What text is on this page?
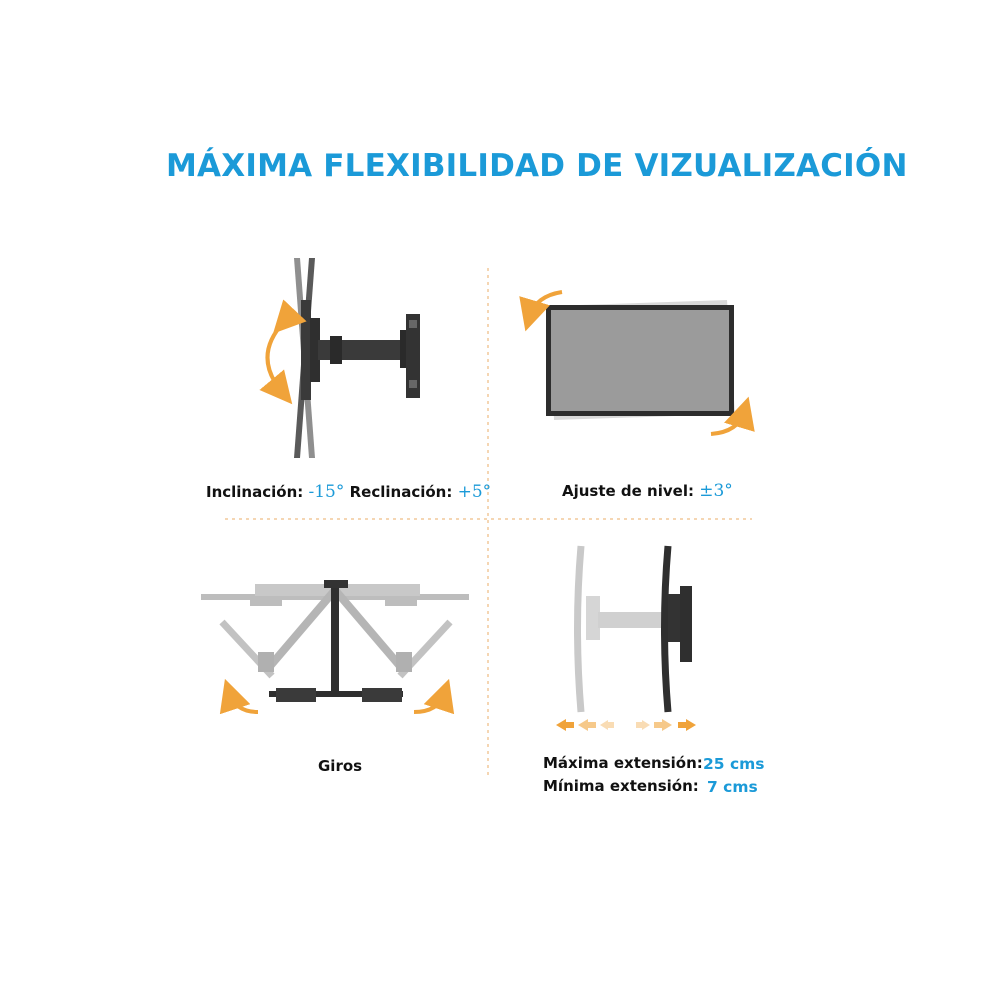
MÁXIMA FLEXIBILIDAD DE VIZUALIZACIÓN
Inclinación: -15° Reclinación: +5°	Ajuste de nivel: ±3°
Giros	Máxima extensión: 25 cms
Mínima extensión: 7 cms
